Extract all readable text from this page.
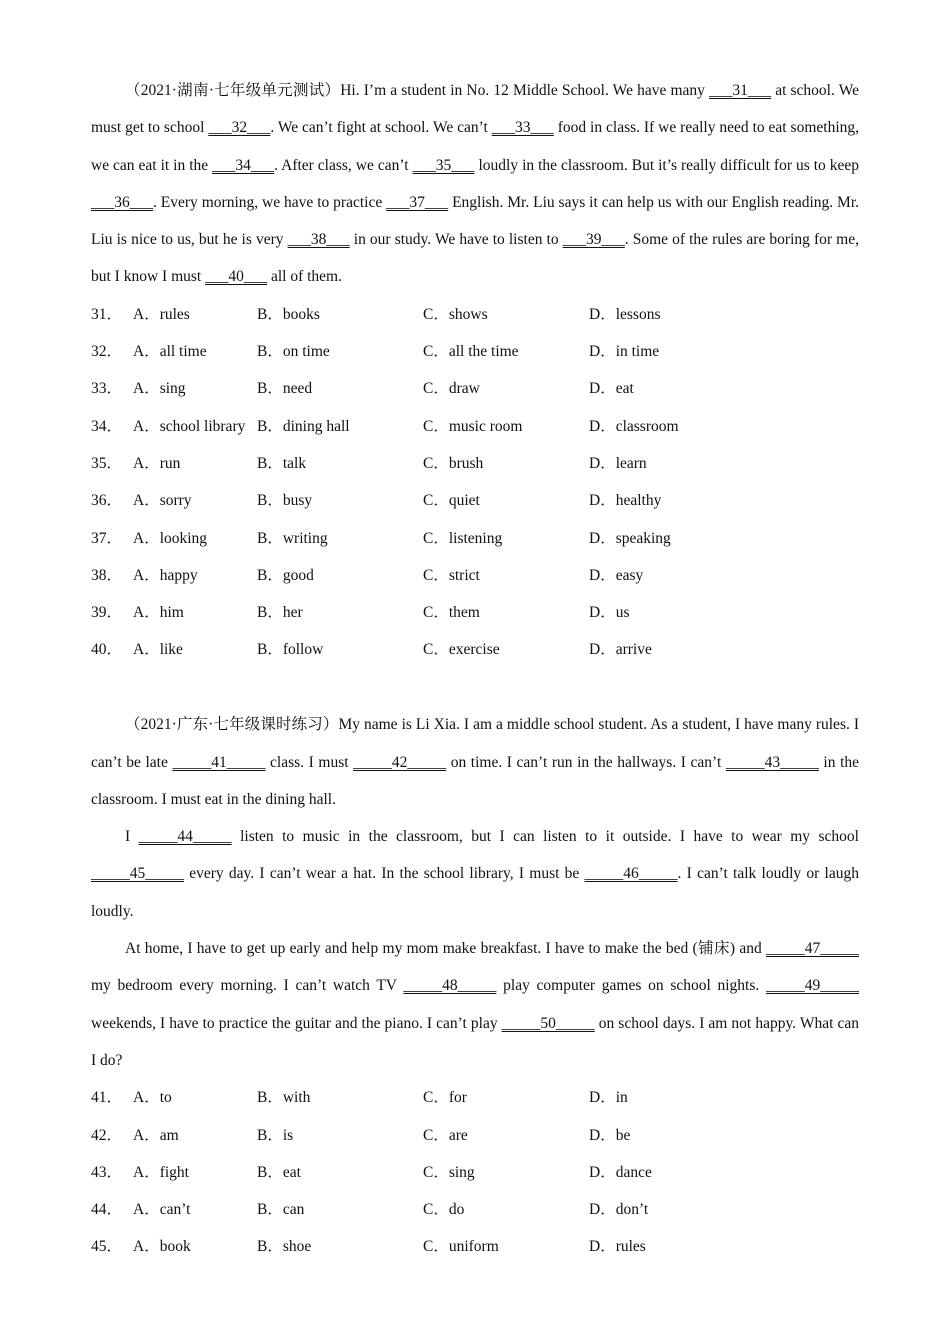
（2021·湖南·七年级单元测试）Hi. I’m a student in No. 12 Middle School. We have many ___31___ at school. We must get to school ___32___. We can’t fight at school. We can’t ___33___ food in class. If we really need to eat something, we can eat it in the ___34___. After class, we can’t ___35___ loudly in the classroom. But it’s really difficult for us to keep ___36___. Every morning, we have to practice ___37___ English. Mr. Liu says it can help us with our English reading. Mr. Liu is nice to us, but he is very ___38___ in our study. We have to listen to ___39___. Some of the rules are boring for me, but I know I must ___40___ all of them.

31． A．rules	B．books	C．shows	D．lessons
32． A．all time	B．on time	C．all the time	D．in time
33． A．sing	B．need	C．draw	D．eat
34． A．school library B．dining hall	C．music room	D．classroom
35． A．run	B．talk	C．brush	D．learn
36． A．sorry	B．busy	C．quiet	D．healthy
37． A．looking	B．writing	C．listening	D．speaking
38． A．happy	B．good	C．strict	D．easy
39． A．him	B．her	C．them	D．us
40． A．like	B．follow	C．exercise	D．arrive

（2021·广东·七年级课时练习）My name is Li Xia. I am a middle school student. As a student, I have many rules. I can’t be late _____41_____ class. I must _____42_____ on time. I can’t run in the hallways. I can’t _____43_____ in the classroom. I must eat in the dining hall.

I _____44_____ listen to music in the classroom, but I can listen to it outside. I have to wear my school _____45_____ every day. I can’t wear a hat. In the school library, I must be _____46_____. I can’t talk loudly or laugh loudly.

At home, I have to get up early and help my mom make breakfast. I have to make the bed (铺床) and _____47_____ my bedroom every morning. I can’t watch TV _____48_____ play computer games on school nights. _____49_____ weekends, I have to practice the guitar and the piano. I can’t play _____50_____ on school days. I am not happy. What can I do?

41． A．to	B．with	C．for	D．in
42． A．am	B．is	C．are	D．be
43． A．fight	B．eat	C．sing	D．dance
44． A．can’t	B．can	C．do	D．don’t
45． A．book	B．shoe	C．uniform	D．rules
